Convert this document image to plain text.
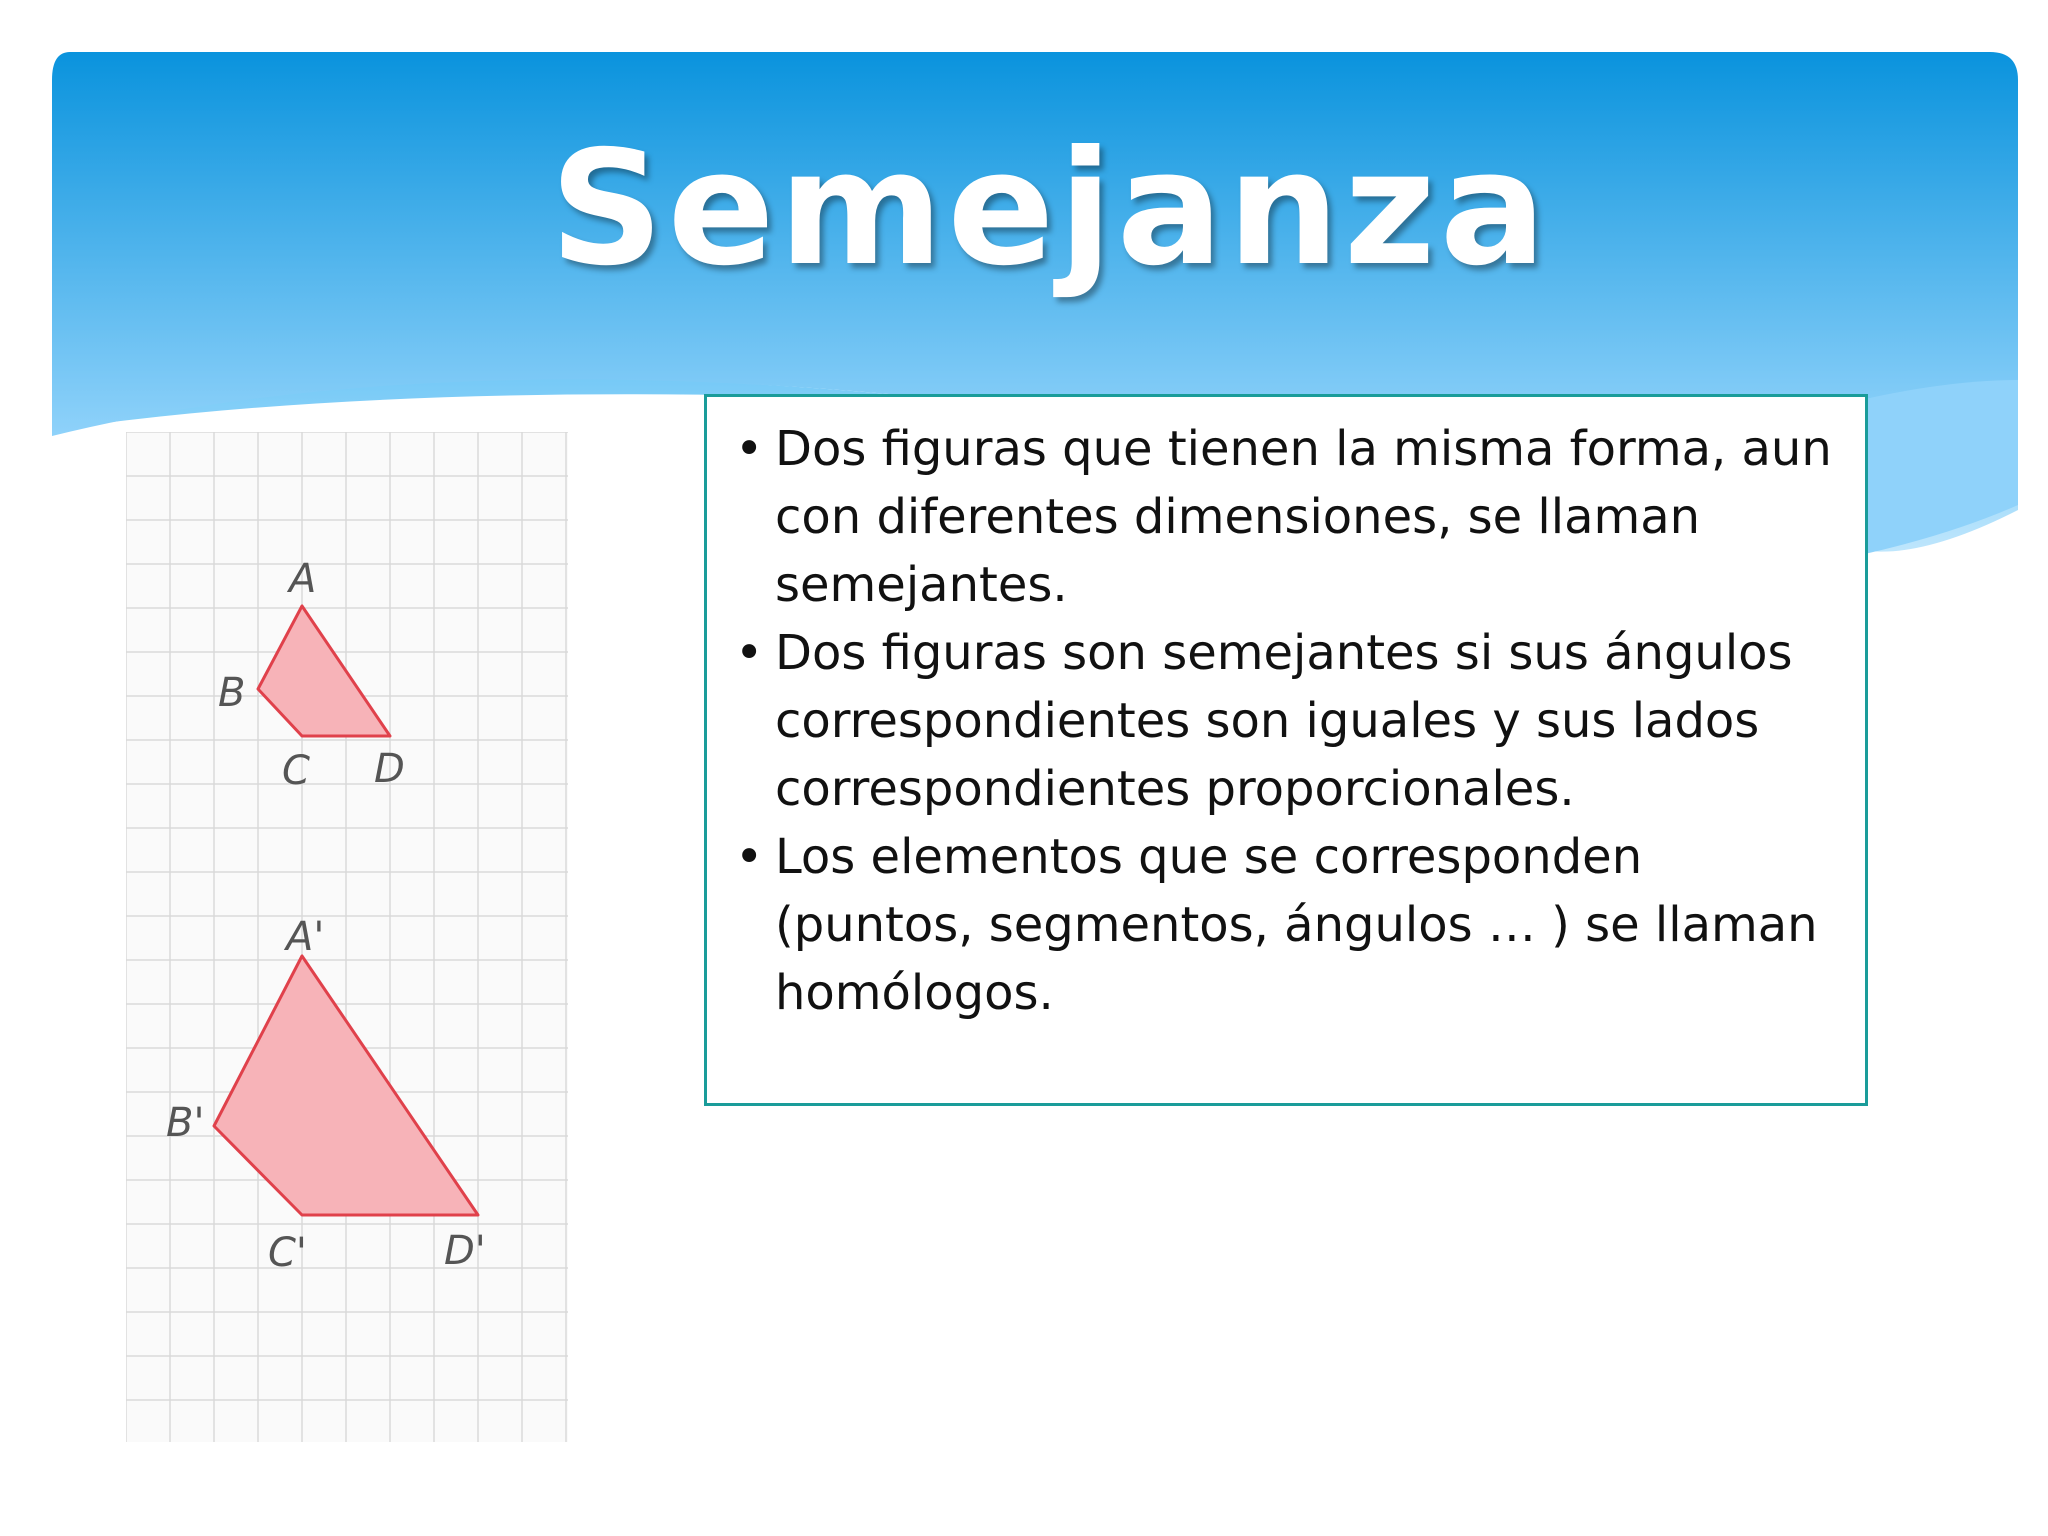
Semejanza
A
B
C D
A'
B'
C'	D'
• Dos figuras que tienen la misma forma, aun con diferentes dimensiones, se llaman semejantes.
• Dos figuras son semejantes si sus ángulos correspondientes son iguales y sus lados correspondientes proporcionales.
• Los elementos que se corresponden (puntos, segmentos, ángulos … ) se llaman homólogos.
